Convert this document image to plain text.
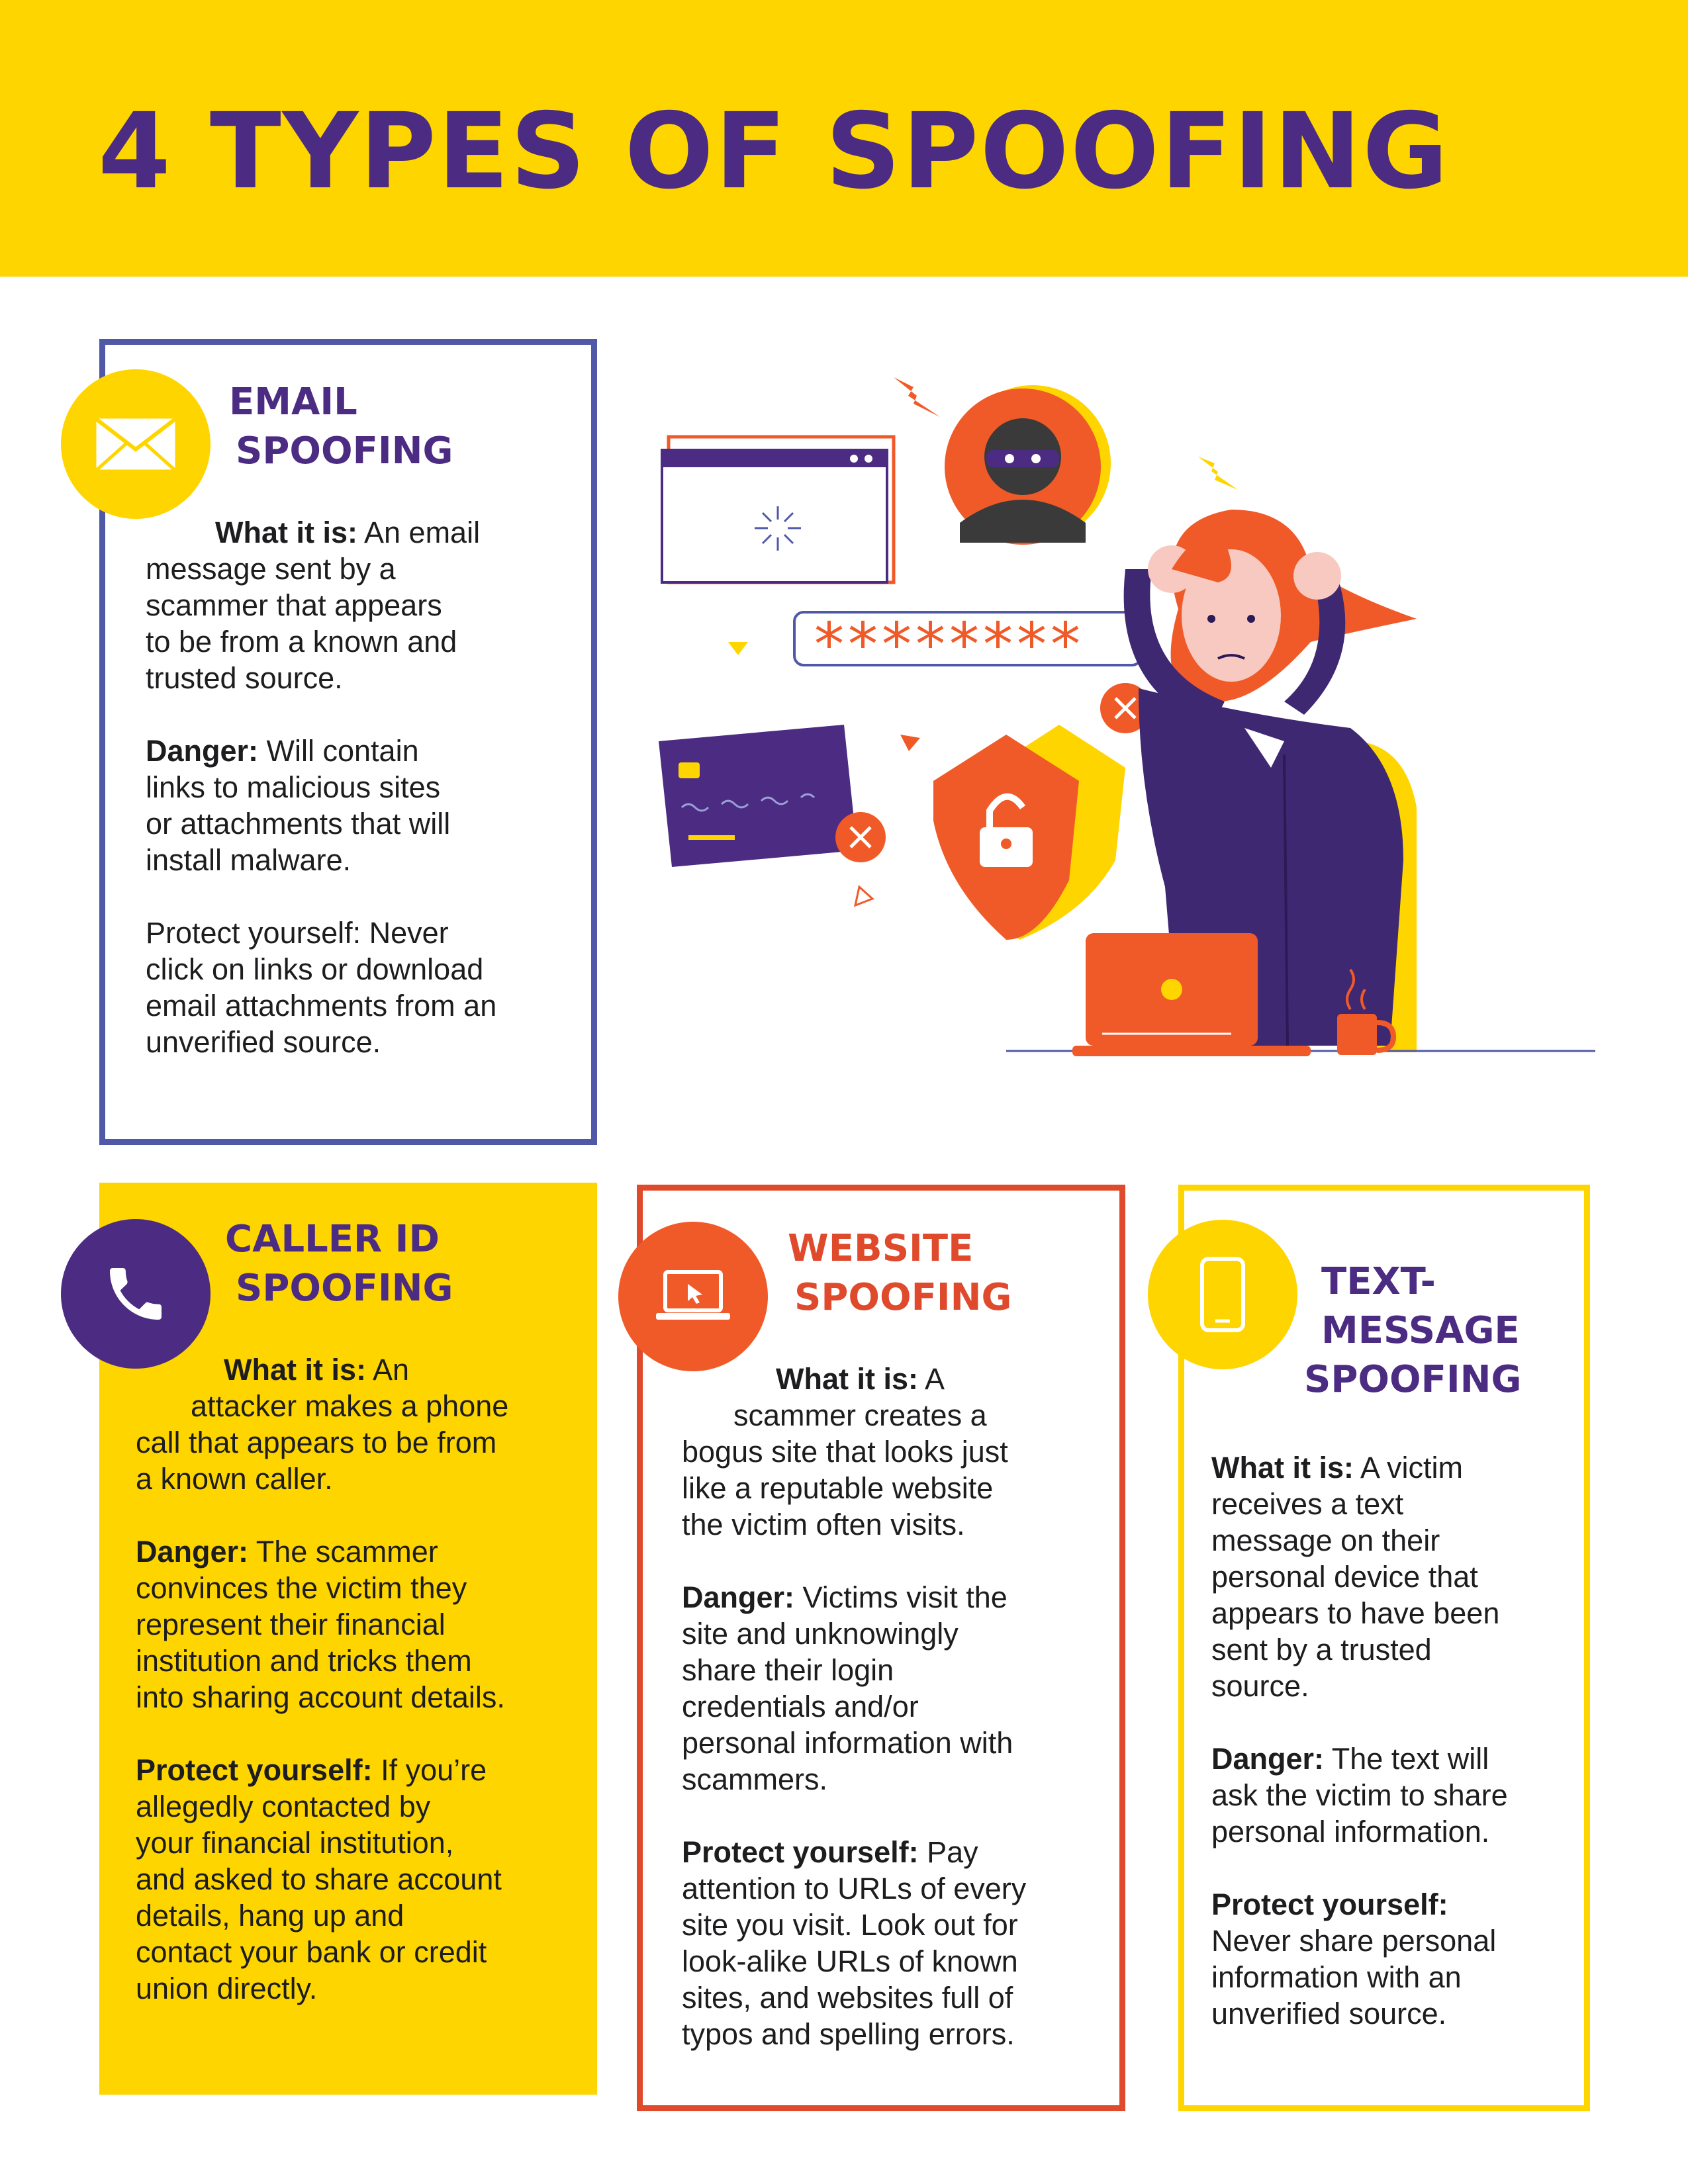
4 TYPES OF SPOOFING
EMAIL
SPOOFING
What it is: An email
message sent by a
scammer that appears
to be from a known and
trusted source.
Danger: Will contain
links to malicious sites
or attachments that will
install malware.
Protect yourself: Never
click on links or download
email attachments from an
unverified source.
********
CALLER ID
SPOOFING
What it is: An
attacker makes a phone
call that appears to be from
a known caller.
Danger: The scammer
convinces the victim they
represent their financial
institution and tricks them
into sharing account details.
Protect yourself: If you’re
allegedly contacted by
your financial institution,
and asked to share account
details, hang up and
contact your bank or credit
union directly.
WEBSITE
SPOOFING
What it is: A
scammer creates a
bogus site that looks just
like a reputable website
the victim often visits.
Danger: Victims visit the
site and unknowingly
share their login
credentials and/or
personal information with
scammers.
Protect yourself: Pay
attention to URLs of every
site you visit. Look out for
look-alike URLs of known
sites, and websites full of
typos and spelling errors.
TEXT-
MESSAGE
SPOOFING
What it is: A victim
receives a text
message on their
personal device that
appears to have been
sent by a trusted
source.
Danger: The text will
ask the victim to share
personal information.
Protect yourself:
Never share personal
information with an
unverified source.
